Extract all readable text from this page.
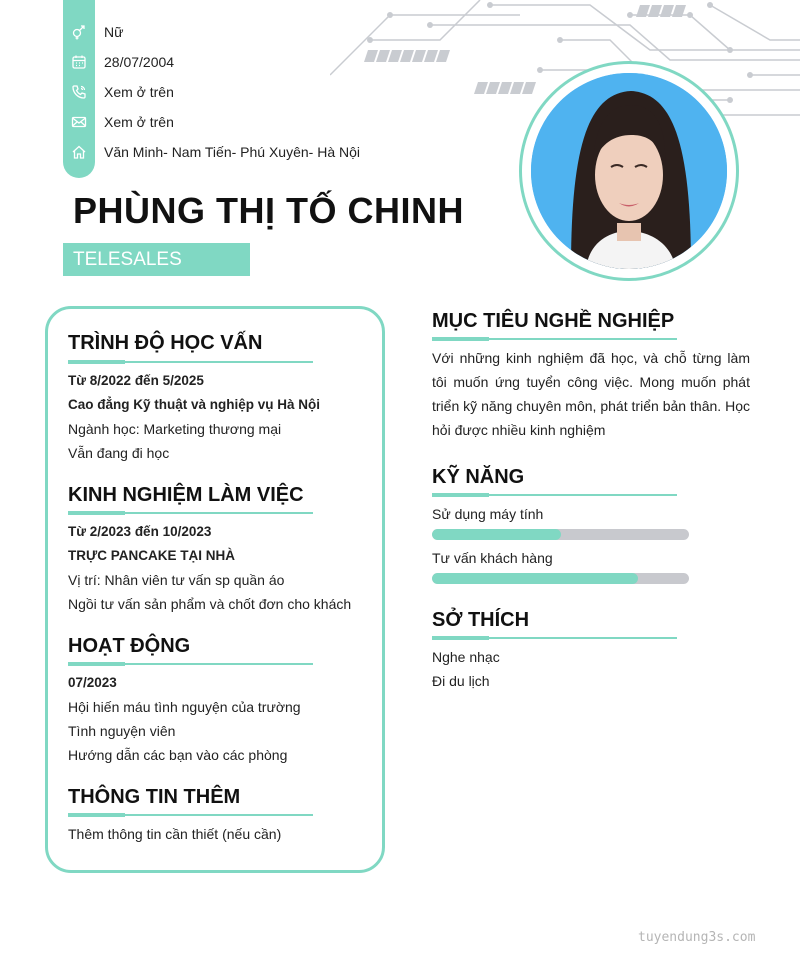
Nữ
28/07/2004
Xem ở trên
Xem ở trên
Văn Minh- Nam Tiến- Phú Xuyên- Hà Nội
PHÙNG THỊ TỐ CHINH
TELESALES
TRÌNH ĐỘ HỌC VẤN
Từ 8/2022 đến 5/2025
Cao đẳng Kỹ thuật và nghiệp vụ Hà Nội
Ngành học: Marketing thương mại
Vẫn đang đi học
KINH NGHIỆM LÀM VIỆC
Từ 2/2023 đến 10/2023
TRỰC PANCAKE TẠI NHÀ
Vị trí: Nhân viên tư vấn sp quần áo
Ngồi tư vấn sản phẩm và chốt đơn cho khách
HOẠT ĐỘNG
07/2023
Hội hiến máu tình nguyện của trường
Tình nguyện viên
Hướng dẫn các bạn vào các phòng
THÔNG TIN THÊM
Thêm thông tin cần thiết (nếu cần)
MỤC TIÊU NGHỀ NGHIỆP
Với những kinh nghiệm đã học, và chỗ từng làm tôi muốn ứng tuyển công việc. Mong muốn phát triển kỹ năng chuyên môn, phát triển bản thân. Học hỏi được nhiều kinh nghiệm
KỸ NĂNG
Sử dụng máy tính
Tư vấn khách hàng
SỞ THÍCH
Nghe nhạc
Đi du lịch
tuyendung3s.com
